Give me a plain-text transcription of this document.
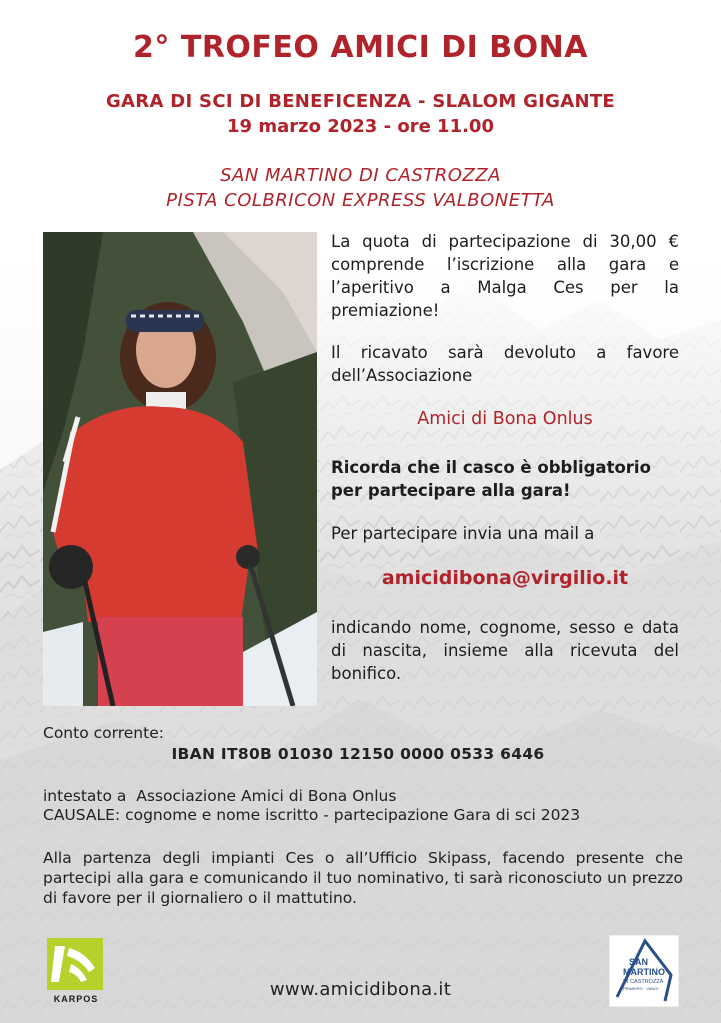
2° TROFEO AMICI DI BONA
GARA DI SCI DI BENEFICENZA - SLALOM GIGANTE
19 marzo 2023 - ore 11.00
SAN MARTINO DI CASTROZZA
PISTA COLBRICON EXPRESS VALBONETTA
La quota di partecipazione di 30,00 € comprende l’iscrizione alla gara e l’aperitivo a Malga Ces per la premiazione!
Il ricavato sarà devoluto a favore dell’Associazione
Amici di Bona Onlus
Ricorda che il casco è obbligatorio per partecipare alla gara!
Per partecipare invia una mail a
amicidibona@virgilio.it
indicando nome, cognome, sesso e data di nascita, insieme alla ricevuta del bonifico.
Conto corrente:
IBAN IT80B 01030 12150 0000 0533 6446
intestato a  Associazione Amici di Bona Onlus
CAUSALE: cognome e nome iscritto - partecipazione Gara di sci 2023
Alla partenza degli impianti Ces o all’Ufficio Skipass, facendo presente che partecipi alla gara e comunicando il tuo nominativo, ti sarà riconosciuto un prezzo di favore per il giornaliero o il mattutino.
www.amicidibona.it
KARPOS
SAN
MARTINO
DI CASTROZZA
PRIMIERO · VANOI
